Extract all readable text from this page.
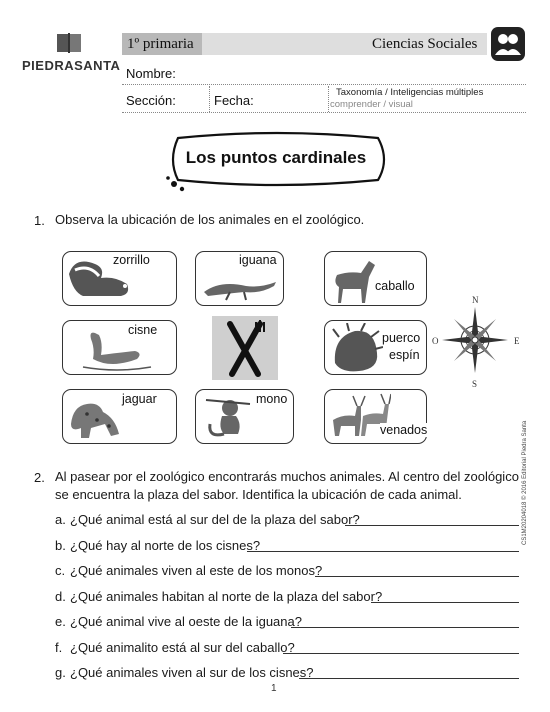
PIEDRASANTA
1º primaria	Ciencias Sociales
Nombre:
Sección:	Fecha:
Taxonomía / Inteligencias múltiples
comprender / visual
Los puntos cardinales
1. Observa la ubicación de los animales en el zoológico.
zorrillo	iguana
caballo
cisne
puerco
espín
N
S
O	E
jaguar	mono
venados
2. Al pasear por el zoológico encontrarás muchos animales. Al centro del zoológico
se encuentra la plaza del sabor. Identifica la ubicación de cada animal.
a. ¿Qué animal está al sur del de la plaza del sabor?
b. ¿Qué hay al norte de los cisnes?
c. ¿Qué animales viven al este de los monos?
d. ¿Qué animales habitan al norte de la plaza del sabor?
e. ¿Qué animal vive al oeste de la iguana?
f. ¿Qué animalito está al sur del caballo?
g. ¿Qué animales viven al sur de los cisnes?
CS1M20204018 © 2016 Editorial Piedra Santa
1
